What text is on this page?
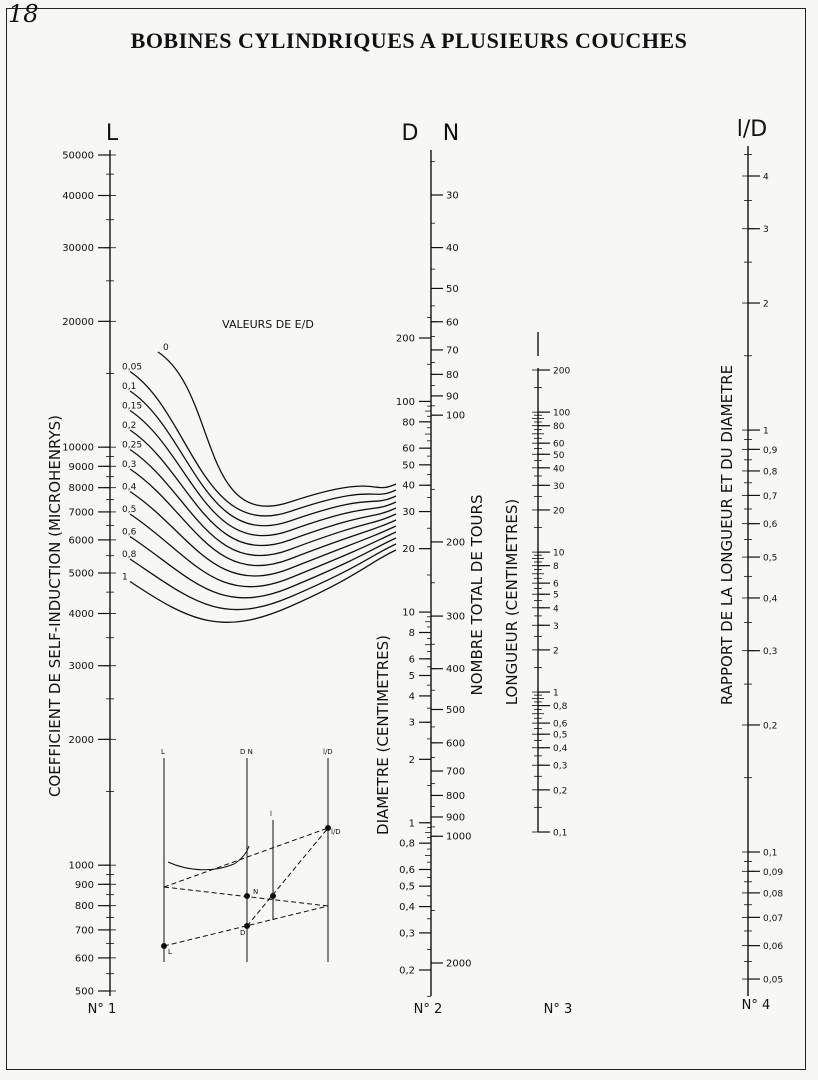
18
BOBINES CYLINDRIQUES A PLUSIEURS COUCHES
L	D N
l
l/D
N° 1	N° 2	N° 3	N° 4
COEFFICIENT DE SELF-INDUCTION (MICROHENRYS)	DIAMETRE (CENTIMETRES)
NOMBRE TOTAL DE TOURS LONGUEUR (CENTIMETRES)	RAPPORT DE LA LONGUEUR ET DU DIAMETRE
50000
40000
30000
20000
10000
9000
8000
7000
6000
5000
4000
3000
2000
1000
900
800
700
600
500
200
100
80
60
50
40
30
20
10
8
6
5
4
3
2
1
0,8
0,6
0,5
0,4
0,3
0,2
30
40
50
60
70
80
90
100
200
300
400
500
600
700
800
900
1000
2000
200
100
80
60
50
40
30
20
10
8
6
5
4
3
2
1
0,8
0,6
0,5
0,4
0,3
0,2
0,1
4
3
2
1
0,9
0,8
0,7
0,6
0,5
0,4
0,3
0,2
0,1
0,09
0,08
0,07
0,06
0,05
VALEURS DE E/D
0
0,05
0,1
0,15
0,2
0,25
0,3
0,4
0,5
0,6
0,8
1
L	D N
l
l/D
N
D
L
l/D
